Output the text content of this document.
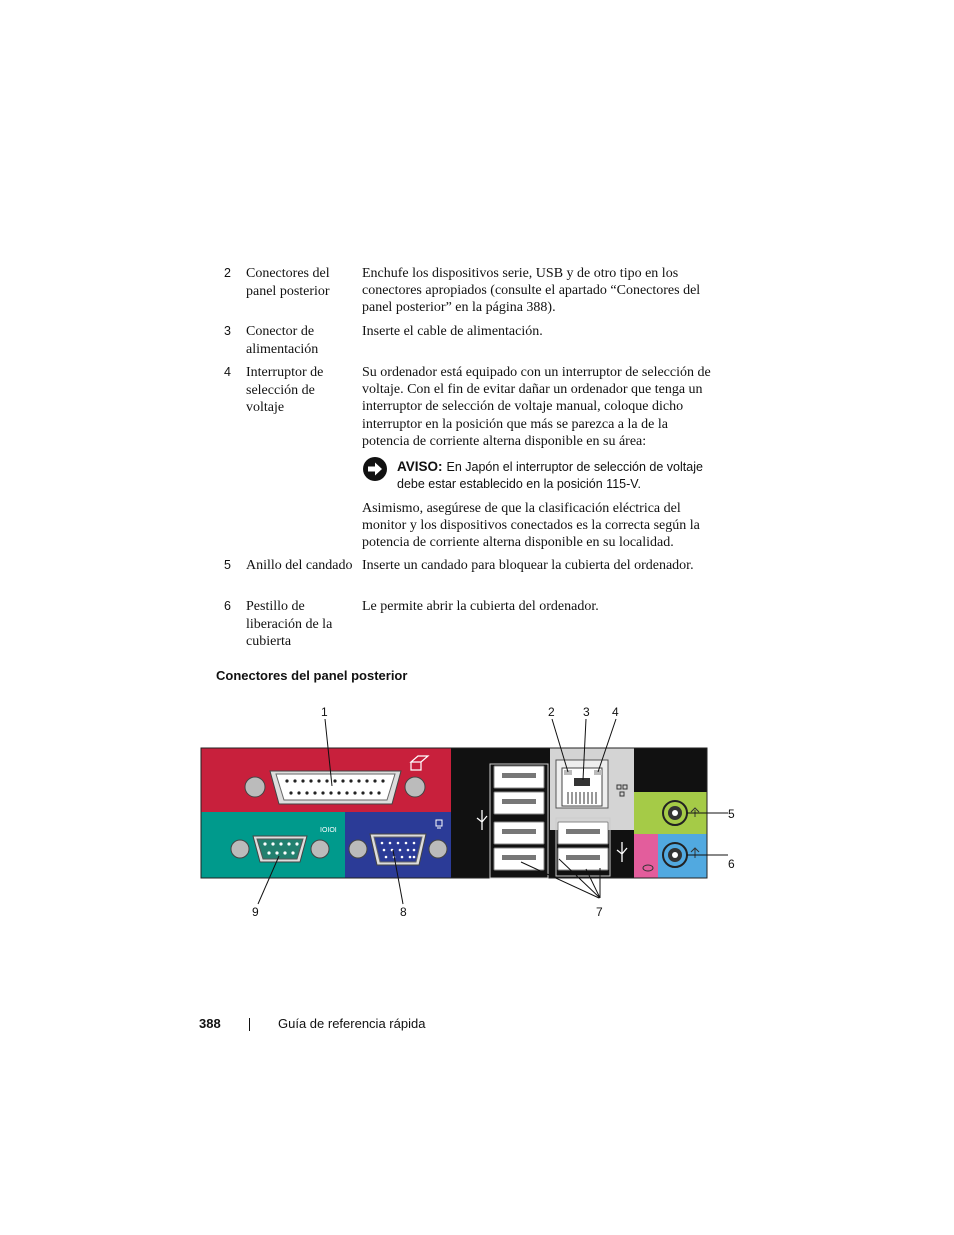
2 Conectores del panel posterior
Enchufe los dispositivos serie, USB y de otro tipo en los conectores apropiados (consulte el apartado “Conectores del panel posterior” en la página 388).
3 Conector de alimentación
Inserte el cable de alimentación.
4 Interruptor de selección de voltaje
Su ordenador está equipado con un interruptor de selección de voltaje. Con el fin de evitar dañar un ordenador que tenga un interruptor de selección de voltaje manual, coloque dicho interruptor en la posición que más se parezca a la de la potencia de corriente alterna disponible en su área:
AVISO: En Japón el interruptor de selección de voltaje debe estar establecido en la posición 115-V.
Asimismo, asegúrese de que la clasificación eléctrica del monitor y los dispositivos conectados es la correcta según la potencia de corriente alterna disponible en su localidad.
5 Anillo del candado Inserte un candado para bloquear la cubierta del ordenador.
6 Pestillo de liberación de la cubierta
Le permite abrir la cubierta del ordenador.
Conectores del panel posterior
IOIOI
1	2 3 4
5
6
7
8
9
388	Guía de referencia rápida
